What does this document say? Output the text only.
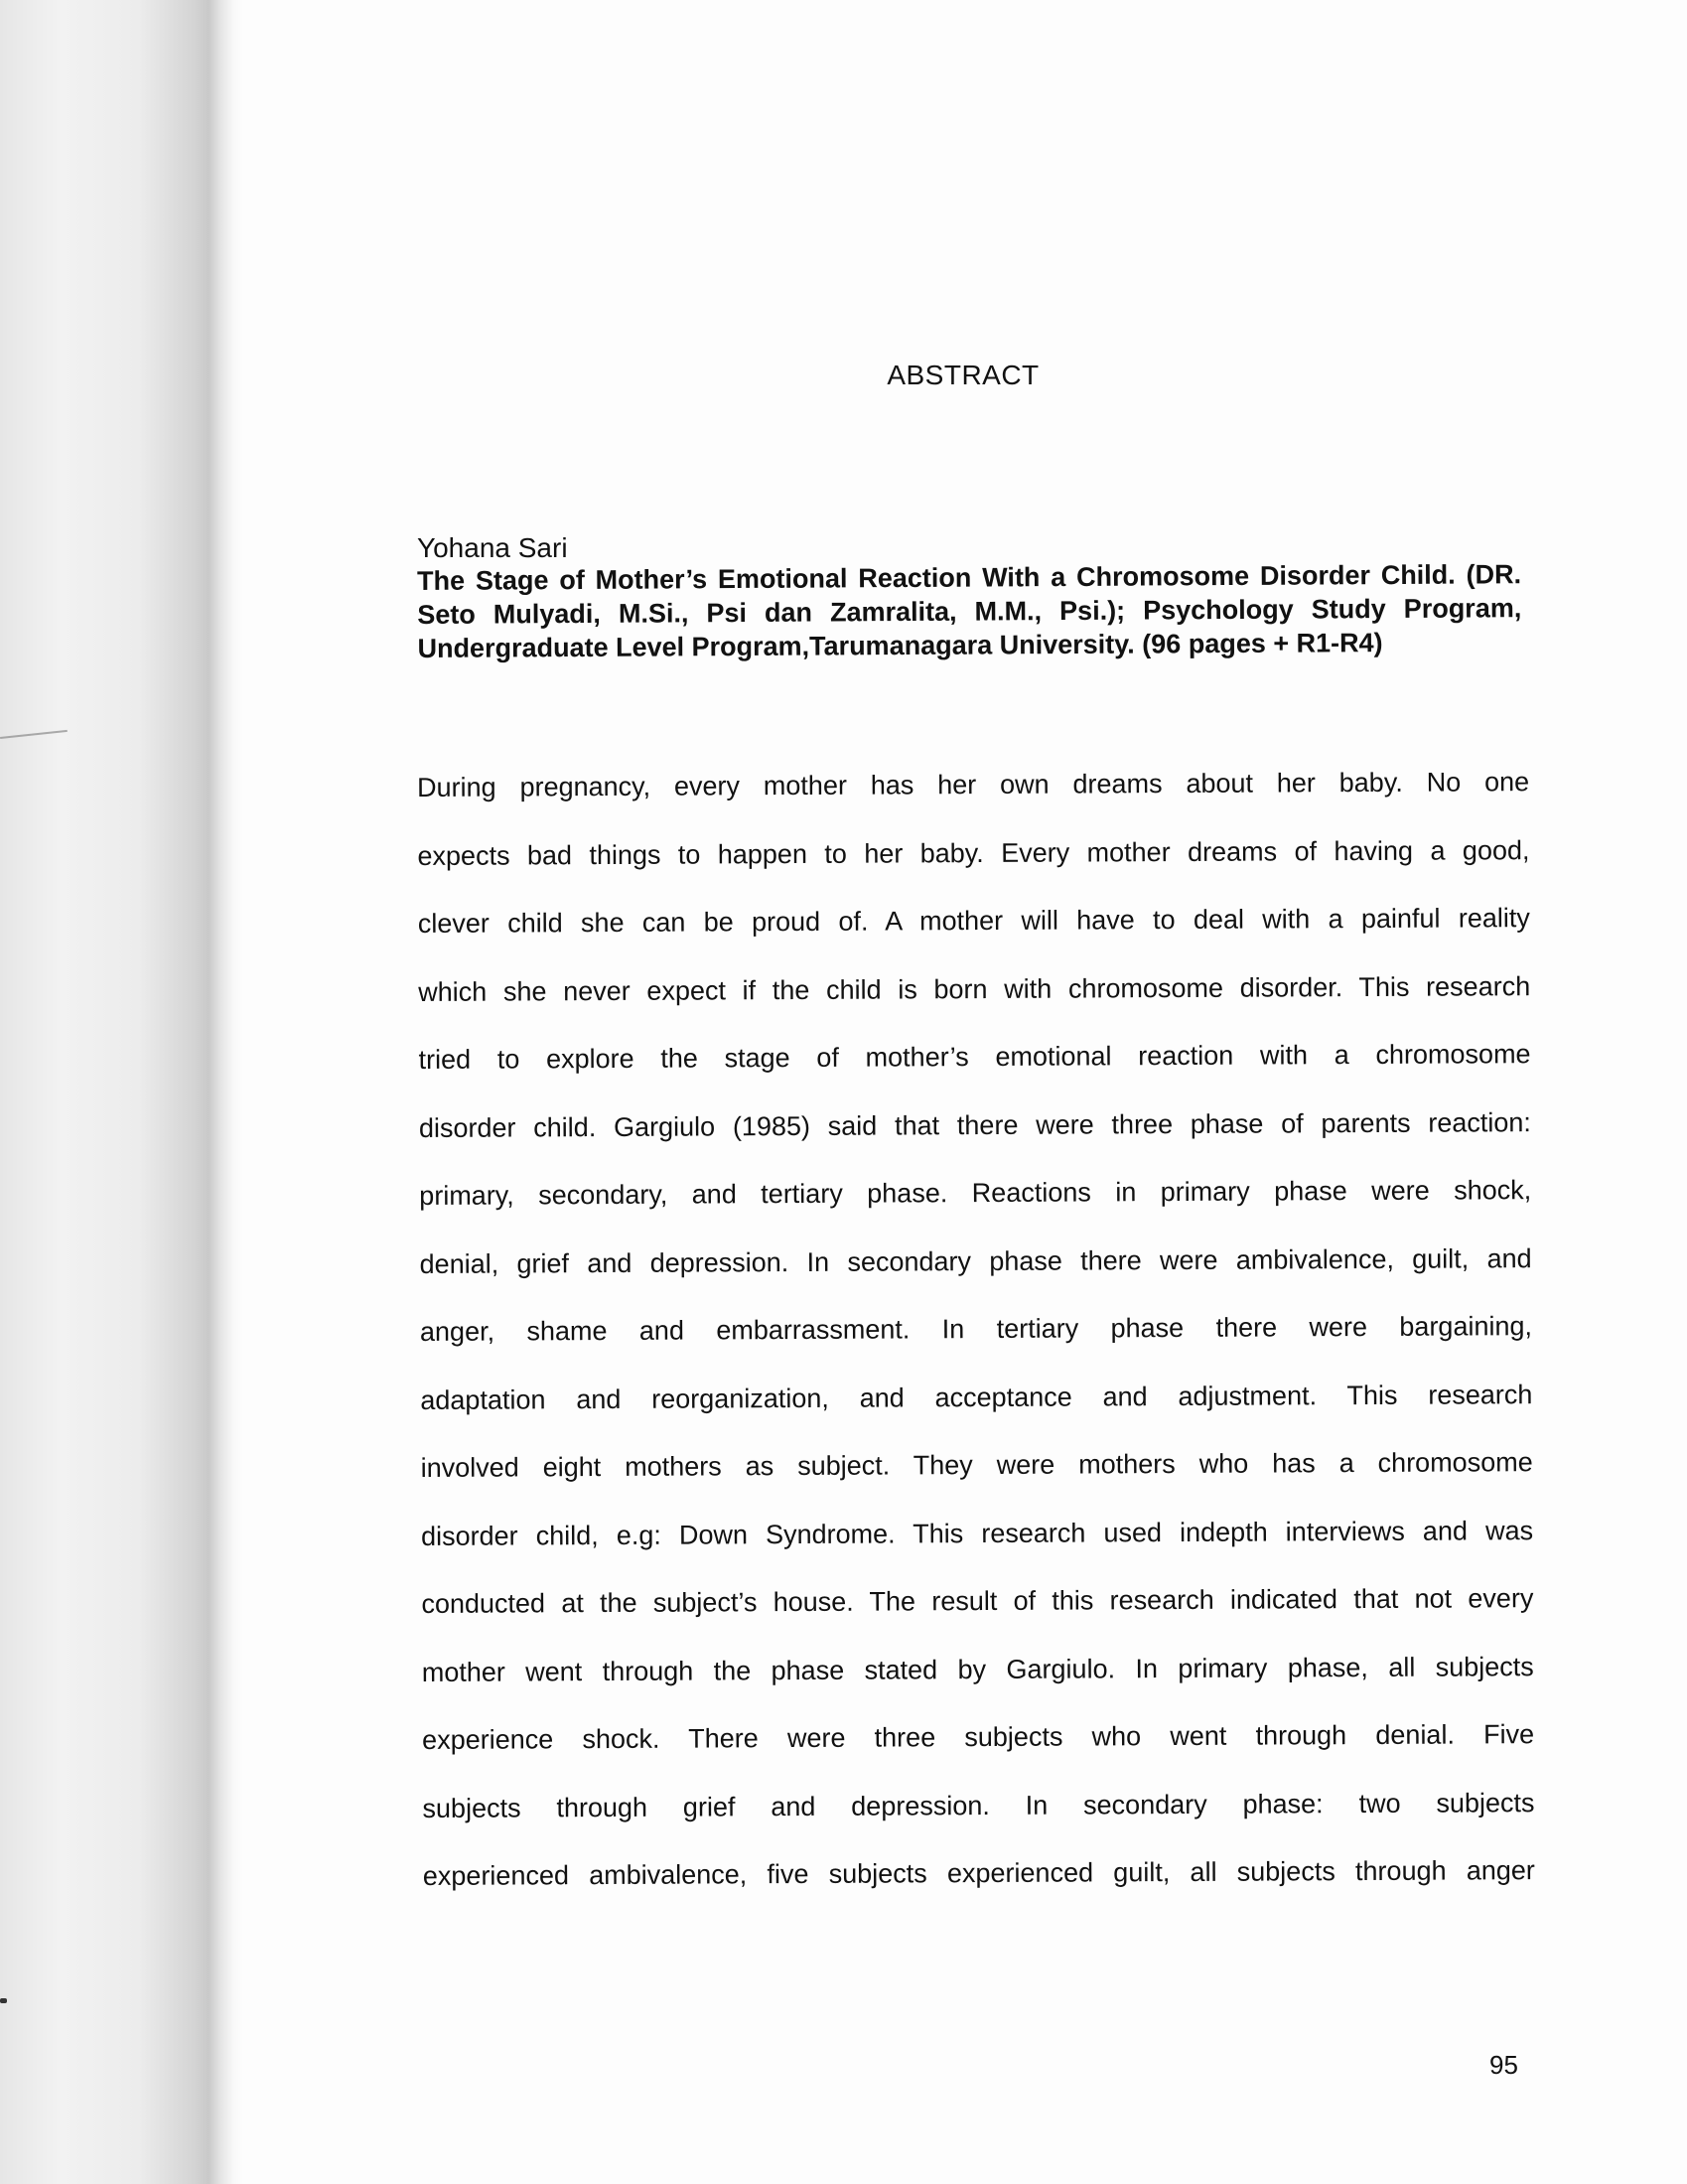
ABSTRACT

Yohana Sari

The Stage of Mother’s Emotional Reaction With a Chromosome Disorder Child. (DR. Seto Mulyadi, M.Si., Psi dan Zamralita, M.M., Psi.); Psychology Study Program, Undergraduate Level Program,Tarumanagara University. (96 pages + R1-R4)

During pregnancy, every mother has her own dreams about her baby. No one
expects bad things to happen to her baby. Every mother dreams of having a good,
clever child she can be proud of. A mother will have to deal with a painful reality
which she never expect if the child is born with chromosome disorder. This research
tried to explore the stage of mother’s emotional reaction with a chromosome
disorder child. Gargiulo (1985) said that there were three phase of parents reaction:
primary, secondary, and tertiary phase. Reactions in primary phase were shock,
denial, grief and depression. In secondary phase there were ambivalence, guilt, and
anger, shame and embarrassment. In tertiary phase there were bargaining,
adaptation and reorganization, and acceptance and adjustment. This research
involved eight mothers as subject. They were mothers who has a chromosome
disorder child, e.g: Down Syndrome. This research used indepth interviews and was
conducted at the subject’s house. The result of this research indicated that not every
mother went through the phase stated by Gargiulo. In primary phase, all subjects
experience shock. There were three subjects who went through denial. Five
subjects through grief and depression. In secondary phase: two subjects
experienced ambivalence, five subjects experienced guilt, all subjects through anger

95
